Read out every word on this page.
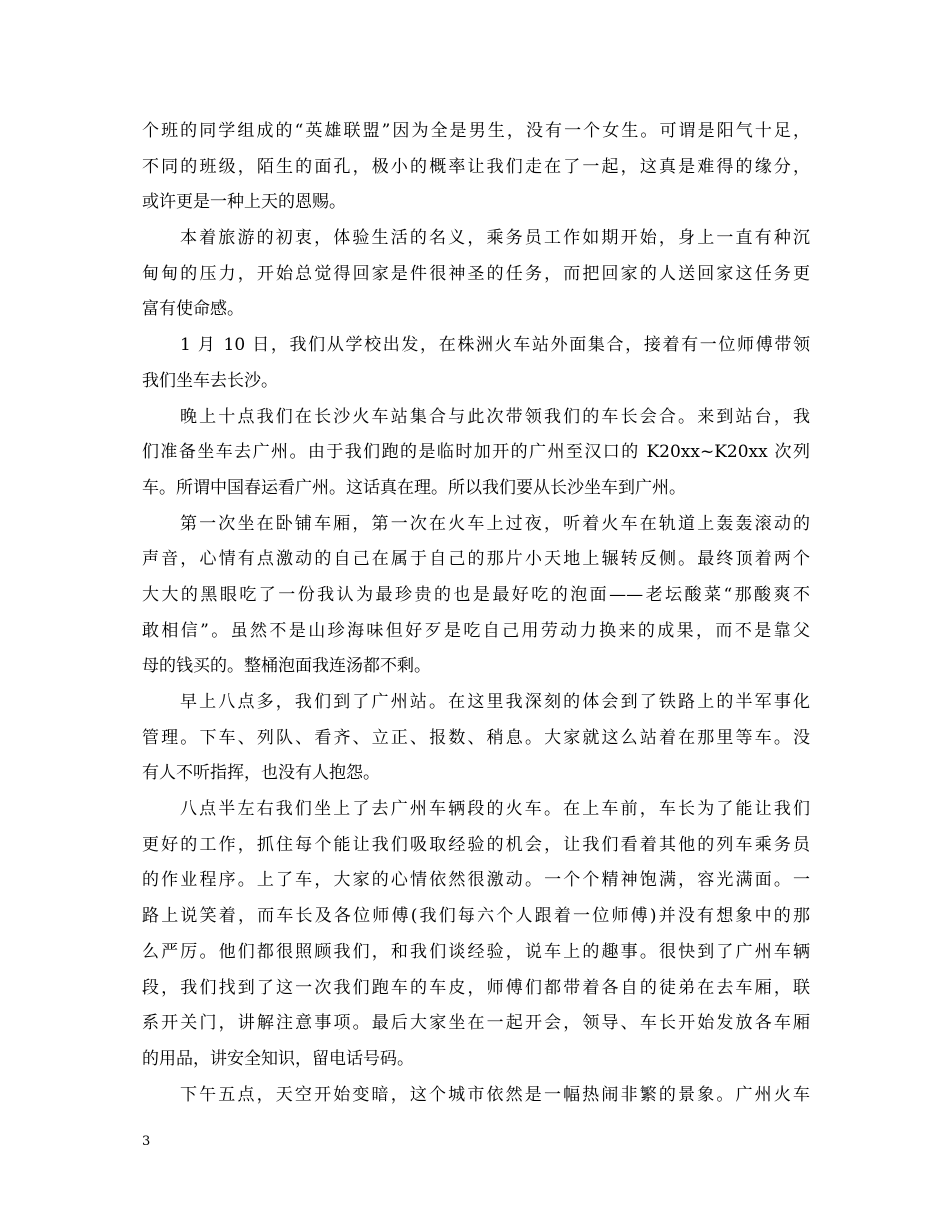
个班的同学组成的“英雄联盟”因为全是男生，没有一个女生。可谓是阳气十足，
不同的班级，陌生的面孔，极小的概率让我们走在了一起，这真是难得的缘分，
或许更是一种上天的恩赐。
本着旅游的初衷，体验生活的名义，乘务员工作如期开始，身上一直有种沉
甸甸的压力，开始总觉得回家是件很神圣的任务，而把回家的人送回家这任务更
富有使命感。
1 月 10 日，我们从学校出发，在株洲火车站外面集合，接着有一位师傅带领
我们坐车去长沙。
晚上十点我们在长沙火车站集合与此次带领我们的车长会合。来到站台，我
们准备坐车去广州。由于我们跑的是临时加开的广州至汉口的 K20xx~K20xx 次列
车。所谓中国春运看广州。这话真在理。所以我们要从长沙坐车到广州。
第一次坐在卧铺车厢，第一次在火车上过夜，听着火车在轨道上轰轰滚动的
声音，心情有点激动的自己在属于自己的那片小天地上辗转反侧。最终顶着两个
大大的黑眼吃了一份我认为最珍贵的也是最好吃的泡面——老坛酸菜“那酸爽不
敢相信”。虽然不是山珍海味但好歹是吃自己用劳动力换来的成果，而不是靠父
母的钱买的。整桶泡面我连汤都不剩。
早上八点多，我们到了广州站。在这里我深刻的体会到了铁路上的半军事化
管理。下车、列队、看齐、立正、报数、稍息。大家就这么站着在那里等车。没
有人不听指挥，也没有人抱怨。
八点半左右我们坐上了去广州车辆段的火车。在上车前，车长为了能让我们
更好的工作，抓住每个能让我们吸取经验的机会，让我们看着其他的列车乘务员
的作业程序。上了车，大家的心情依然很激动。一个个精神饱满，容光满面。一
路上说笑着，而车长及各位师傅(我们每六个人跟着一位师傅)并没有想象中的那
么严厉。他们都很照顾我们，和我们谈经验，说车上的趣事。很快到了广州车辆
段，我们找到了这一次我们跑车的车皮，师傅们都带着各自的徒弟在去车厢，联
系开关门，讲解注意事项。最后大家坐在一起开会，领导、车长开始发放各车厢
的用品，讲安全知识，留电话号码。
下午五点，天空开始变暗，这个城市依然是一幅热闹非繁的景象。广州火车
3
